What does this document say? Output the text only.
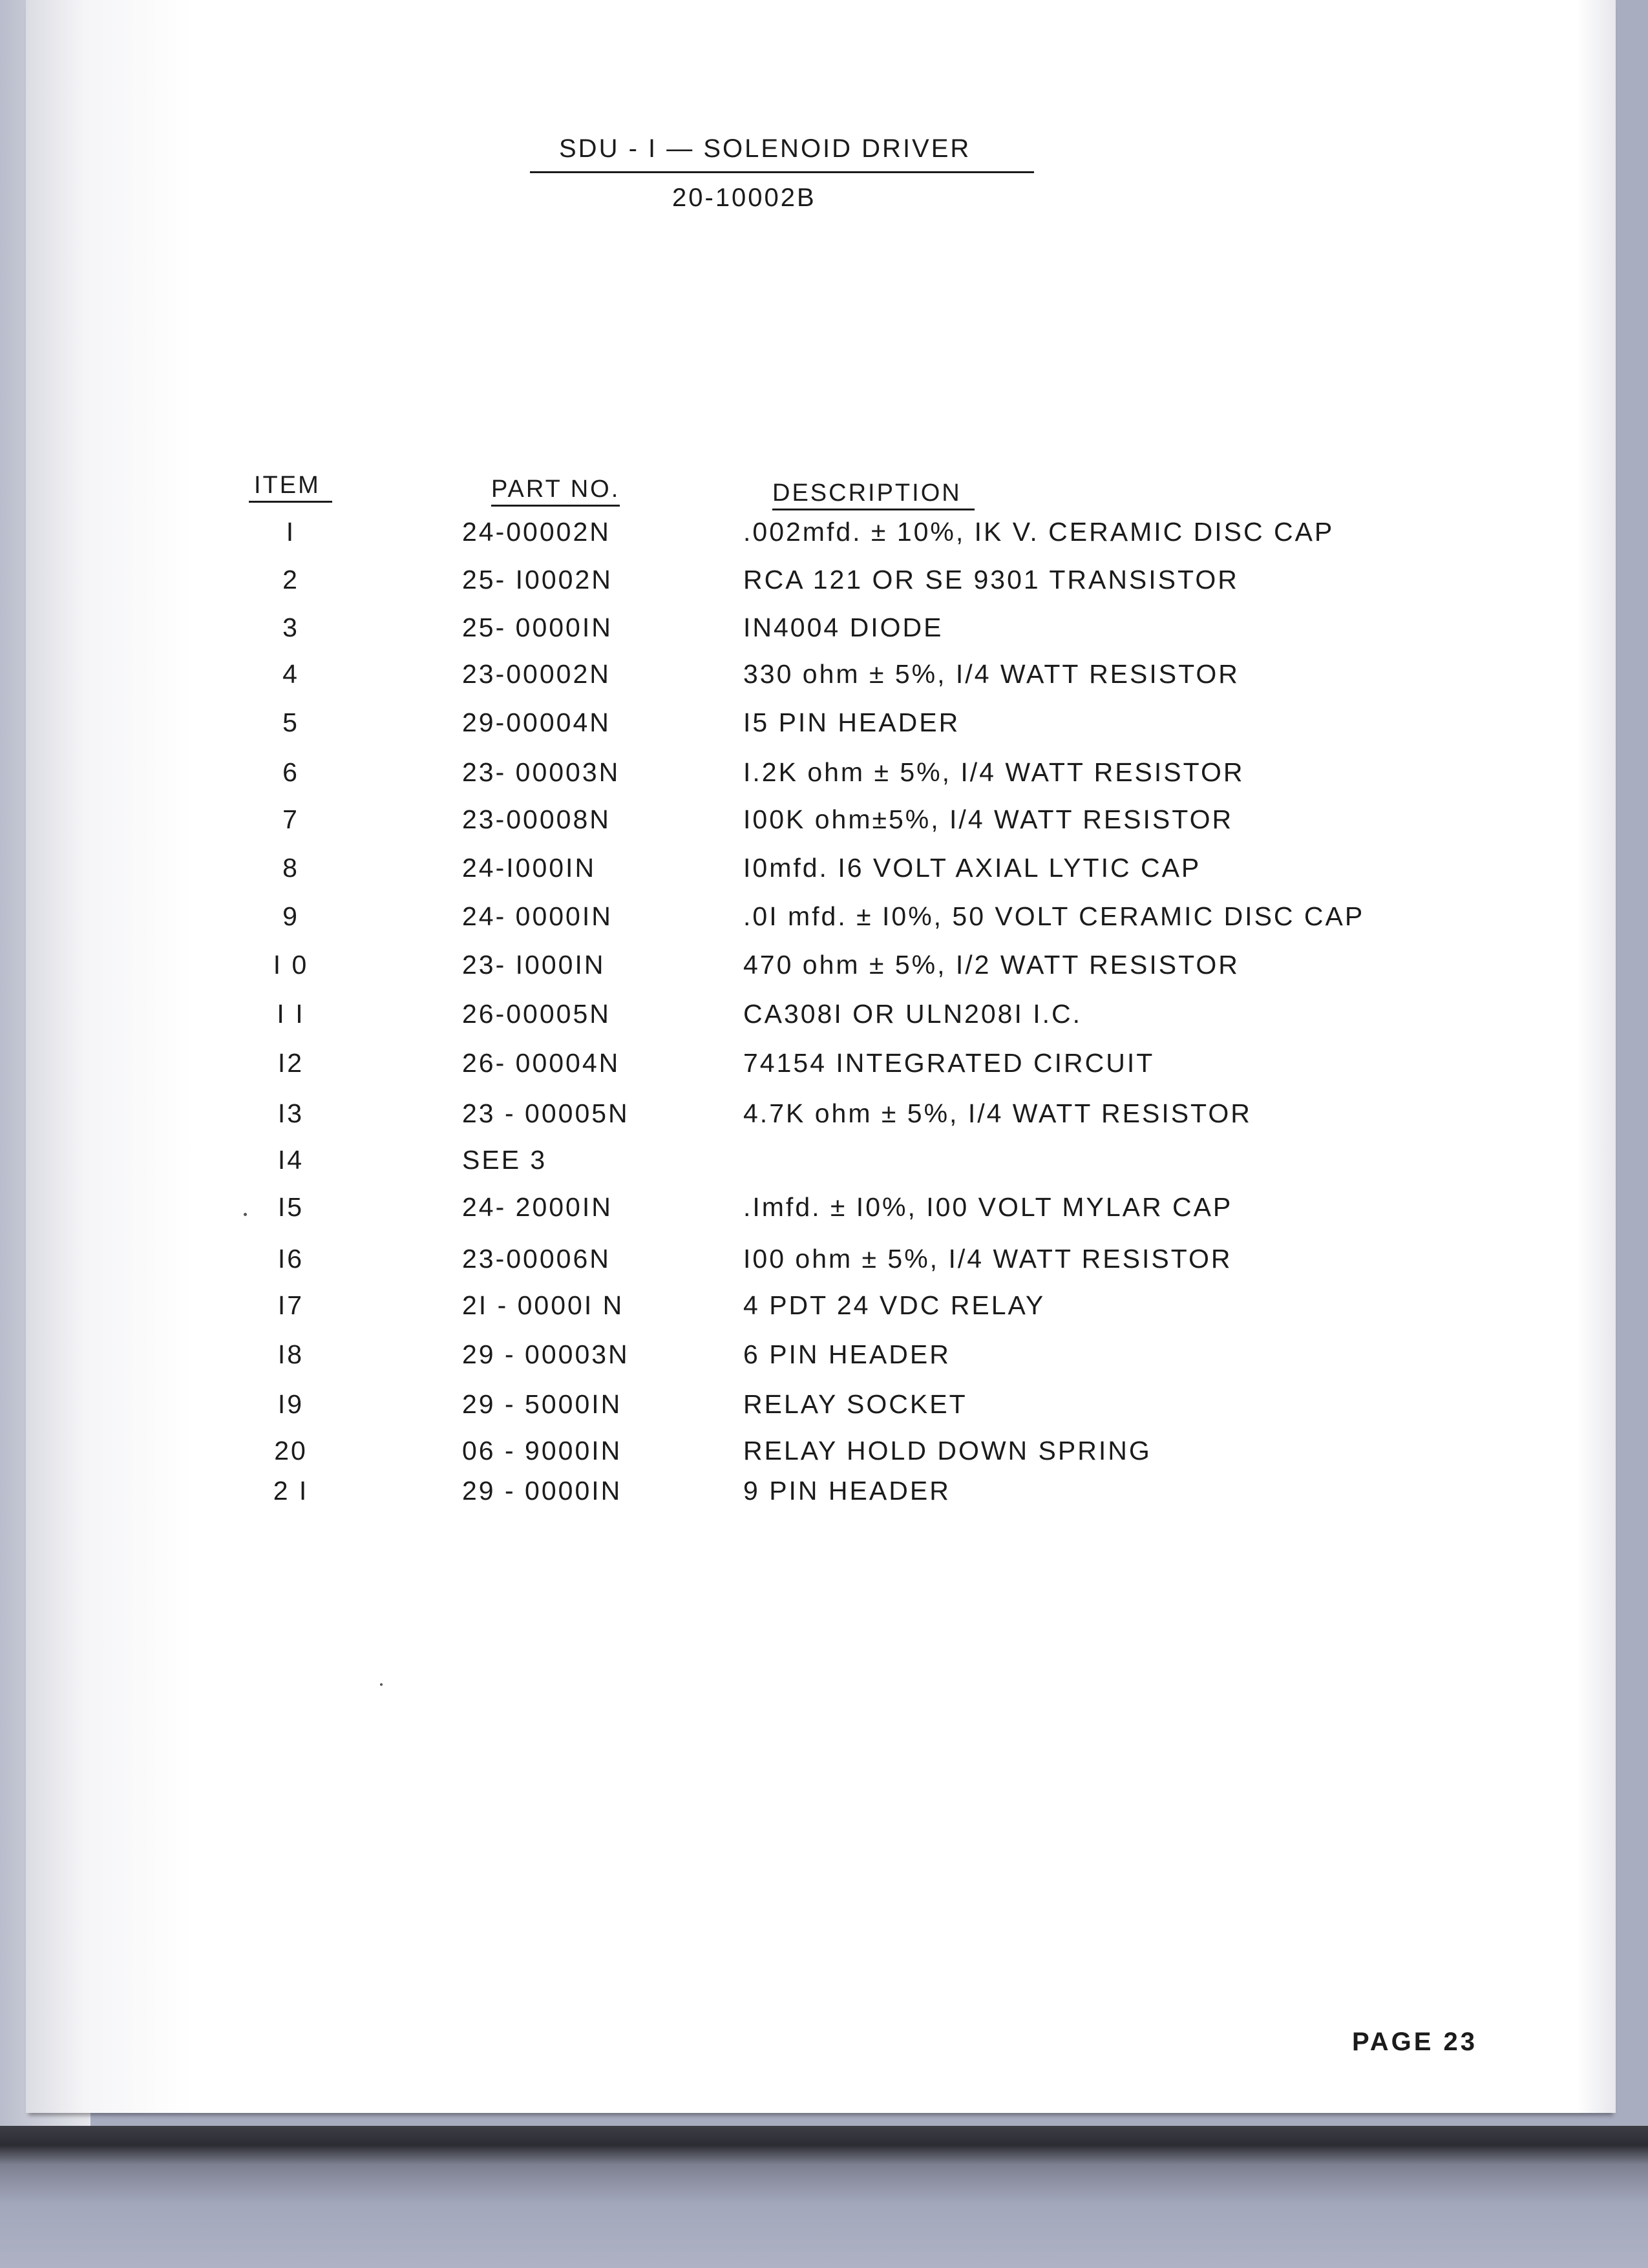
SDU - I — SOLENOID DRIVER
20-10002B
ITEM	PART NO.	DESCRIPTION
I	24-00002N	.002mfd. ± 10%, IK V. CERAMIC DISC CAP
2	25- I0002N	RCA 121 OR SE 9301 TRANSISTOR
3	25- 0000IN	IN4004 DIODE
4	23-00002N	330 ohm ± 5%, I/4 WATT RESISTOR
5	29-00004N	I5 PIN HEADER
6	23- 00003N	I.2K ohm ± 5%, I/4 WATT RESISTOR
7	23-00008N	I00K ohm±5%, I/4 WATT RESISTOR
8	24-I000IN	I0mfd. I6 VOLT AXIAL LYTIC CAP
9	24- 0000IN	.0I mfd. ± I0%, 50 VOLT CERAMIC DISC CAP
I 0	23- I000IN	470 ohm ± 5%, I/2 WATT RESISTOR
I I	26-00005N	CA308I OR ULN208I I.C.
I2	26- 00004N	74154 INTEGRATED CIRCUIT
I3	23 - 00005N	4.7K ohm ± 5%, I/4 WATT RESISTOR
I4	SEE 3
I5	24- 2000IN	.Imfd. ± I0%, I00 VOLT MYLAR CAP
I6	23-00006N	I00 ohm ± 5%, I/4 WATT RESISTOR
I7	2I - 0000I N	4 PDT 24 VDC RELAY
I8	29 - 00003N	6 PIN HEADER
I9	29 - 5000IN	RELAY SOCKET
20	06 - 9000IN	RELAY HOLD DOWN SPRING
2 I	29 - 0000IN	9 PIN HEADER
PAGE 23
